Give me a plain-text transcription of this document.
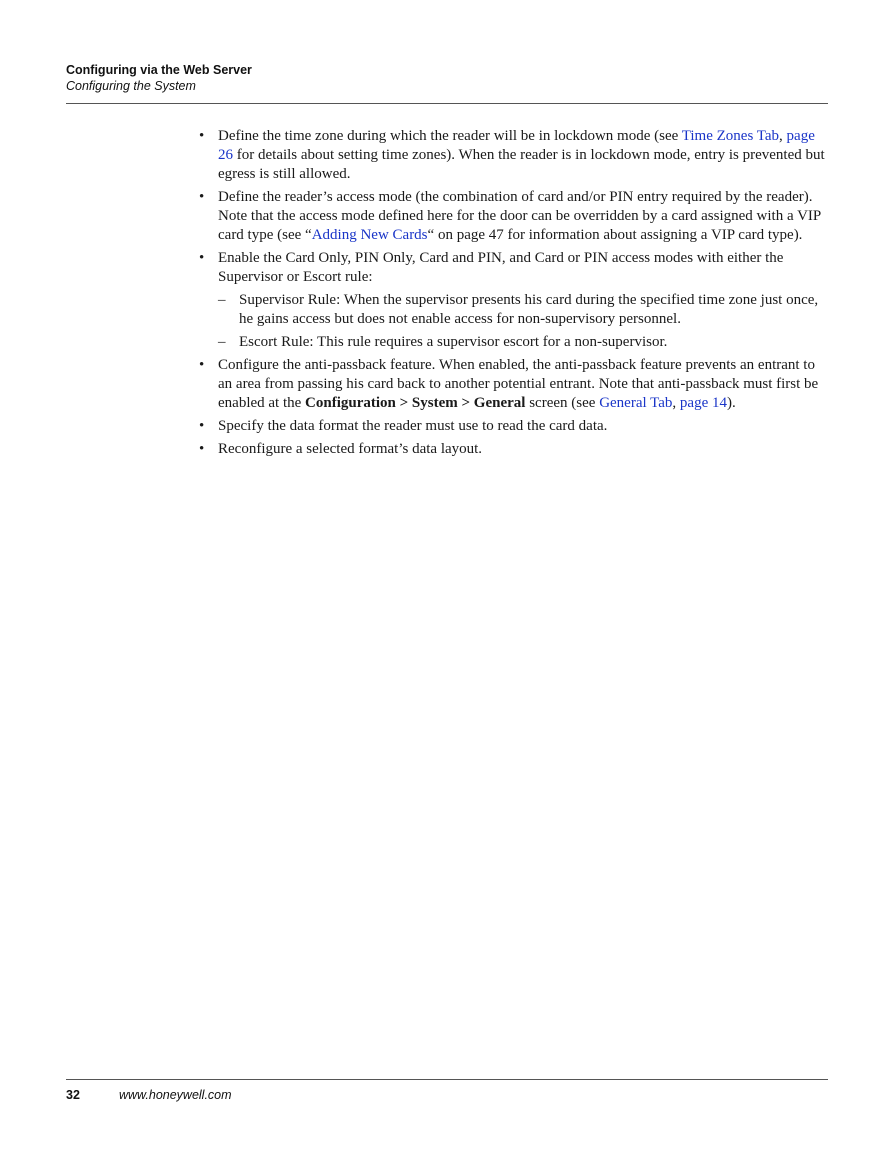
Configuring via the Web Server
Configuring the System
• Define the time zone during which the reader will be in lockdown mode (see Time Zones Tab, page 26 for details about setting time zones). When the reader is in lockdown mode, entry is prevented but egress is still allowed.
• Define the reader’s access mode (the combination of card and/or PIN entry required by the reader). Note that the access mode defined here for the door can be overridden by a card assigned with a VIP card type (see “Adding New Cards“ on page 47 for information about assigning a VIP card type).
• Enable the Card Only, PIN Only, Card and PIN, and Card or PIN access modes with either the Supervisor or Escort rule:
– Supervisor Rule: When the supervisor presents his card during the specified time zone just once, he gains access but does not enable access for non-supervisory personnel.
– Escort Rule: This rule requires a supervisor escort for a non-supervisor.
• Configure the anti-passback feature. When enabled, the anti-passback feature prevents an entrant to an area from passing his card back to another potential entrant. Note that anti-passback must first be enabled at the Configuration > System > General screen (see General Tab, page 14).
• Specify the data format the reader must use to read the card data.
• Reconfigure a selected format’s data layout.
32	www.honeywell.com
